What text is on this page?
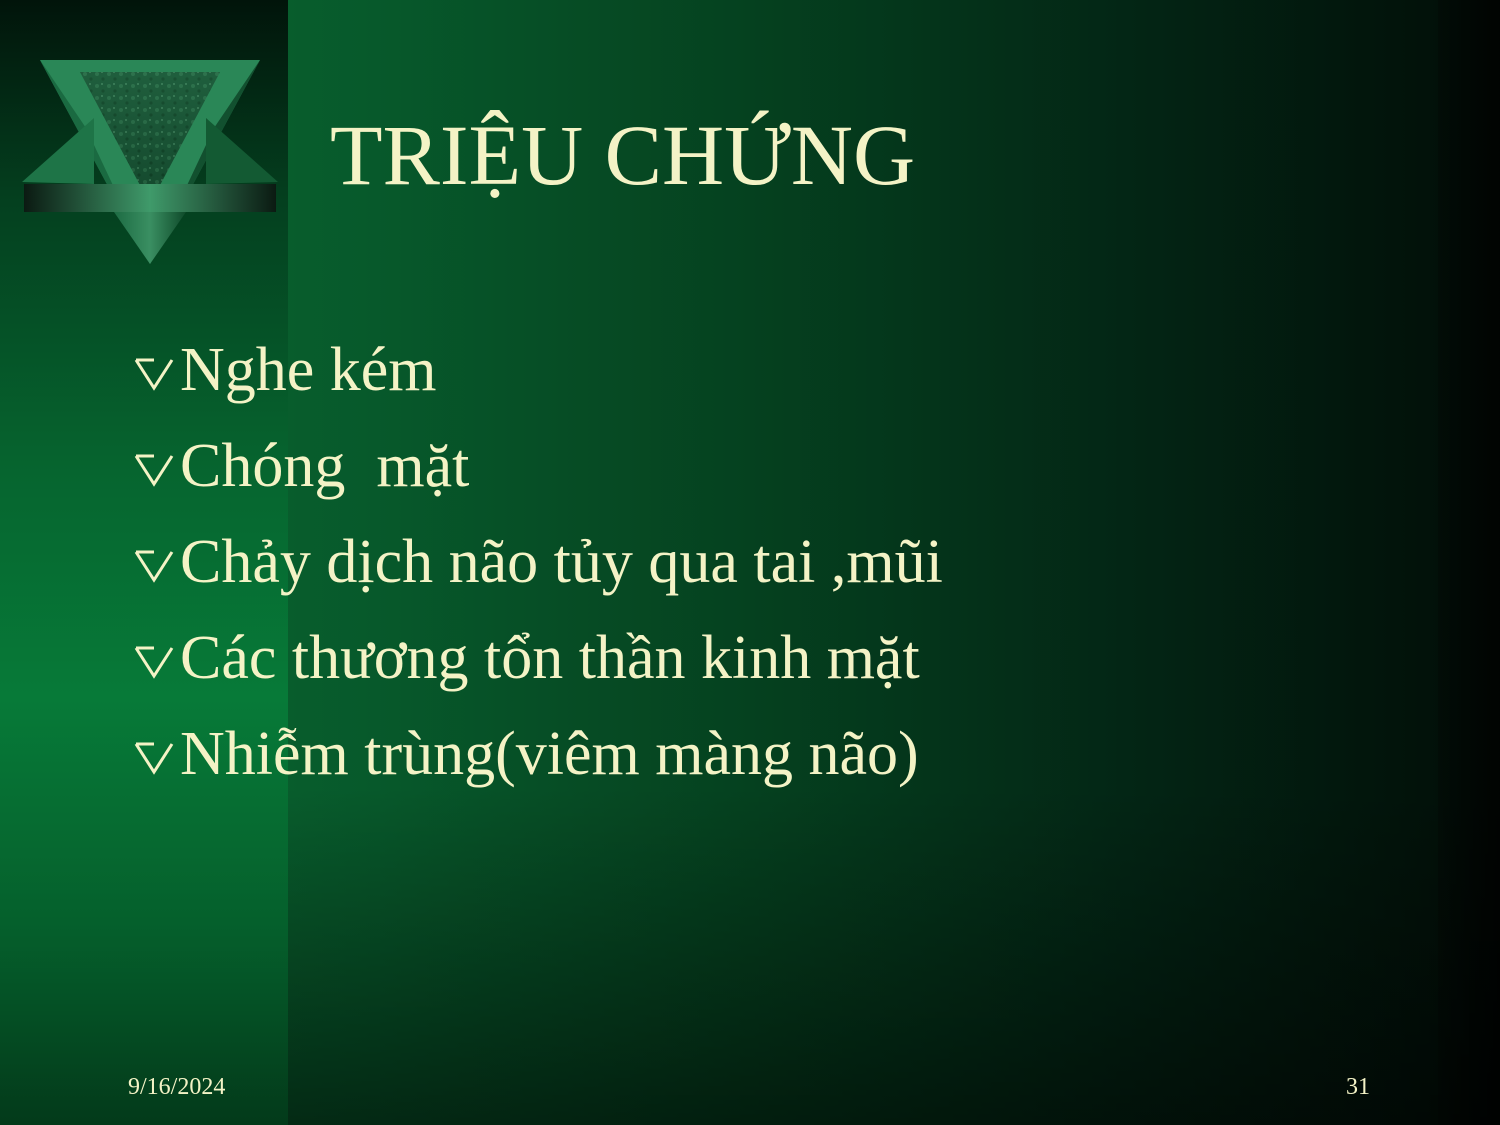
TRIỆU CHỨNG
Nghe kém
Chóng  mặt
Chảy dịch não tủy qua tai ,mũi
Các thương tổn thần kinh mặt
Nhiễm trùng(viêm màng não)
9/16/2024	31
